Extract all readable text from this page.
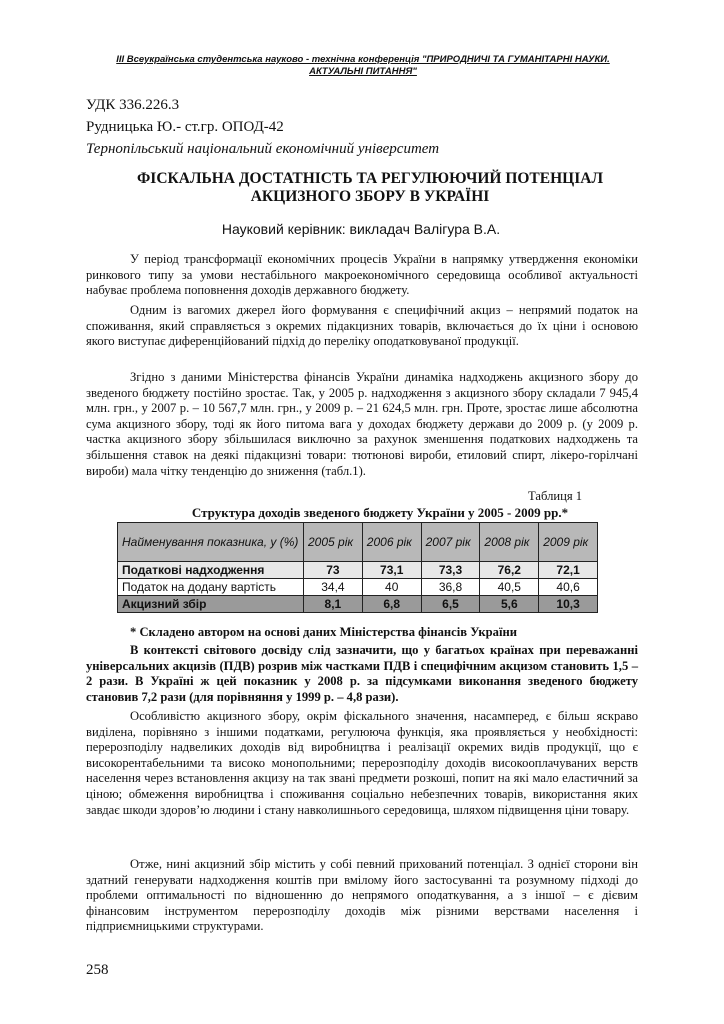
III Всеукраїнська студентська науково - технічна конференція "ПРИРОДНИЧІ ТА ГУМАНІТАРНІ НАУКИ. АКТУАЛЬНІ ПИТАННЯ"
УДК 336.226.3
Рудницька Ю.- ст.гр. ОПОД-42
Тернопільський національний економічний університет
ФІСКАЛЬНА ДОСТАТНІСТЬ ТА РЕГУЛЮЮЧИЙ ПОТЕНЦІАЛ
АКЦИЗНОГО ЗБОРУ В УКРАЇНІ
Науковий керівник: викладач Валігура В.А.
У період трансформації економічних процесів України в напрямку утвердження економіки ринкового типу за умови нестабільного макроекономічного середовища особливої актуальності набуває проблема поповнення доходів державного бюджету.
Одним із вагомих джерел його формування є специфічний акциз – непрямий податок на споживання, який справляється з окремих підакцизних товарів, включається до їх ціни і основою якого виступає диференційований підхід до переліку оподатковуваної продукції.
Згідно з даними Міністерства фінансів України динаміка надходжень акцизного збору до зведеного бюджету постійно зростає. Так, у 2005 р. надходження з акцизного збору складали 7 945,4 млн. грн., у 2007 р. – 10 567,7 млн. грн., у 2009 р. – 21 624,5 млн. грн. Проте, зростає лише абсолютна сума акцизного збору, тоді як його питома вага у доходах бюджету держави до 2009 р. (у 2009 р. частка акцизного збору збільшилася виключно за рахунок зменшення податкових надходжень та збільшення ставок на деякі підакцизні товари: тютюнові вироби, етиловий спирт, лікеро-горілчані вироби) мала чітку тенденцію до зниження (табл.1).
Таблиця 1
Структура доходів зведеного бюджету України у 2005 - 2009 рр.*
Найменування показника, у (%)	2005 рік	2006 рік	2007 рік	2008 рік	2009 рік
Податкові надходження	73	73,1	73,3	76,2	72,1
Податок на додану вартість	34,4	40	36,8	40,5	40,6
Акцизний збір	8,1	6,8	6,5	5,6	10,3
* Складено автором на основі даних Міністерства фінансів України
В контексті світового досвіду слід зазначити, що у багатьох країнах при переважанні універсальних акцизів (ПДВ) розрив між частками ПДВ і специфічним акцизом становить 1,5 – 2 рази. В Україні ж цей показник у 2008 р. за підсумками виконання зведеного бюджету становив 7,2 рази (для порівняння у 1999 р. – 4,8 рази).
Особливістю акцизного збору, окрім фіскального значення, насамперед, є більш яскраво виділена, порівняно з іншими податками, регулююча функція, яка проявляється у необхідності: перерозподілу надвеликих доходів від виробництва і реалізації окремих видів продукції, що є високорентабельними та високо монопольними; перерозподілу доходів високооплачуваних верств населення через встановлення акцизу на так звані предмети розкоші, попит на які мало еластичний за ціною; обмеження виробництва і споживання соціально небезпечних товарів, використання яких завдає шкоди здоров’ю людини і стану навколишнього середовища, шляхом підвищення ціни товару.
Отже, нині акцизний збір містить у собі певний прихований потенціал. З однієї сторони він здатний генерувати надходження коштів при вмілому його застосуванні та розумному підході до проблеми оптимальності по відношенню до непрямого оподаткування, а з іншої – є дієвим фінансовим інструментом перерозподілу доходів між різними верствами населення і підприємницькими структурами.
258
